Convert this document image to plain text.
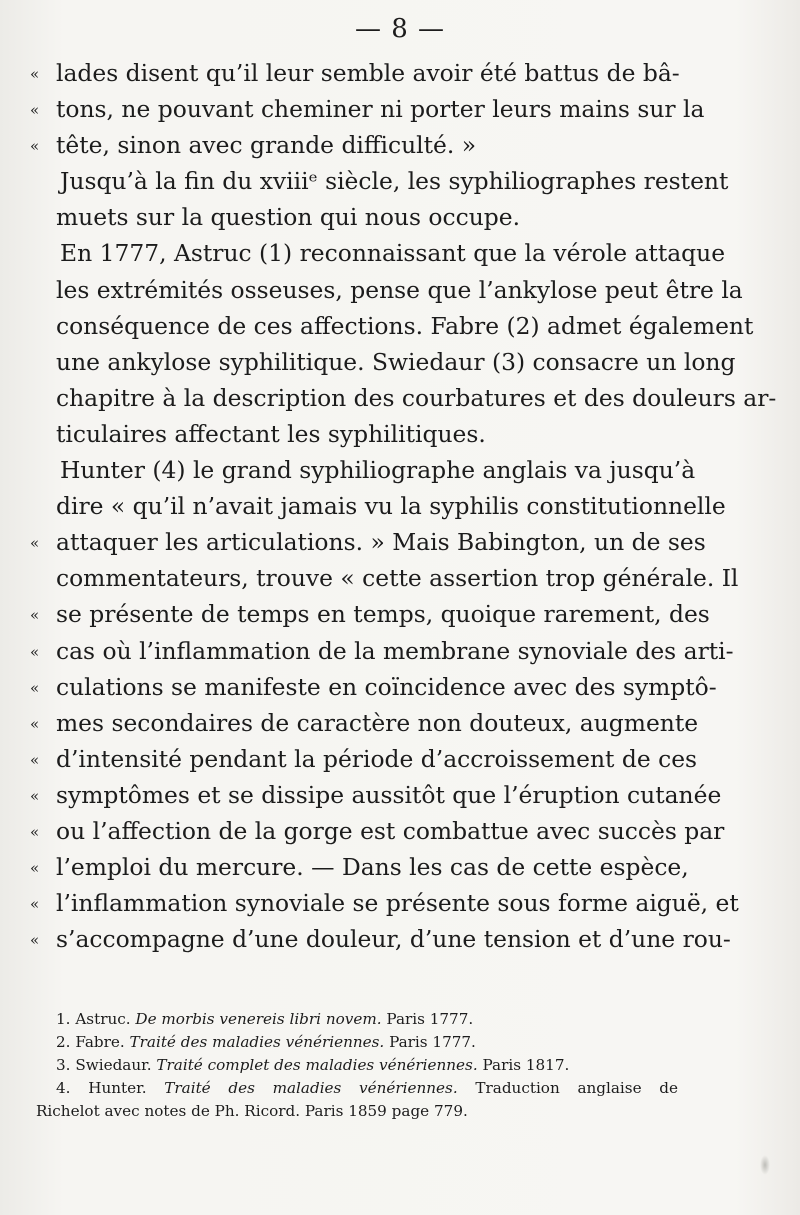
— 8 —
« lades disent qu’il leur semble avoir été battus de bâ-
« tons, ne pouvant cheminer ni porter leurs mains sur la
« tête, sinon avec grande difficulté. »
Jusqu’à la fin du xviiiᵉ siècle, les syphiliographes restent
muets sur la question qui nous occupe.
En 1777, Astruc (1) reconnaissant que la vérole attaque
les extrémités osseuses, pense que l’ankylose peut être la
conséquence de ces affections. Fabre (2) admet également
une ankylose syphilitique. Swiedaur (3) consacre un long
chapitre à la description des courbatures et des douleurs ar-
ticulaires affectant les syphilitiques.
Hunter (4) le grand syphiliographe anglais va jusqu’à
dire « qu’il n’avait jamais vu la syphilis constitutionnelle
« attaquer les articulations. » Mais Babington, un de ses
commentateurs, trouve « cette assertion trop générale. Il
« se présente de temps en temps, quoique rarement, des
« cas où l’inflammation de la membrane synoviale des arti-
« culations se manifeste en coïncidence avec des symptô-
« mes secondaires de caractère non douteux, augmente
« d’intensité pendant la période d’accroissement de ces
« symptômes et se dissipe aussitôt que l’éruption cutanée
« ou l’affection de la gorge est combattue avec succès par
« l’emploi du mercure. — Dans les cas de cette espèce,
« l’inflammation synoviale se présente sous forme aiguë, et
« s’accompagne d’une douleur, d’une tension et d’une rou-
1. Astruc. De morbis venereis libri novem. Paris 1777.
2. Fabre. Traité des maladies vénériennes. Paris 1777.
3. Swiedaur. Traité complet des maladies vénériennes. Paris 1817.
4. Hunter. Traité des maladies vénériennes. Traduction anglaise de
Richelot avec notes de Ph. Ricord. Paris 1859 page 779.
